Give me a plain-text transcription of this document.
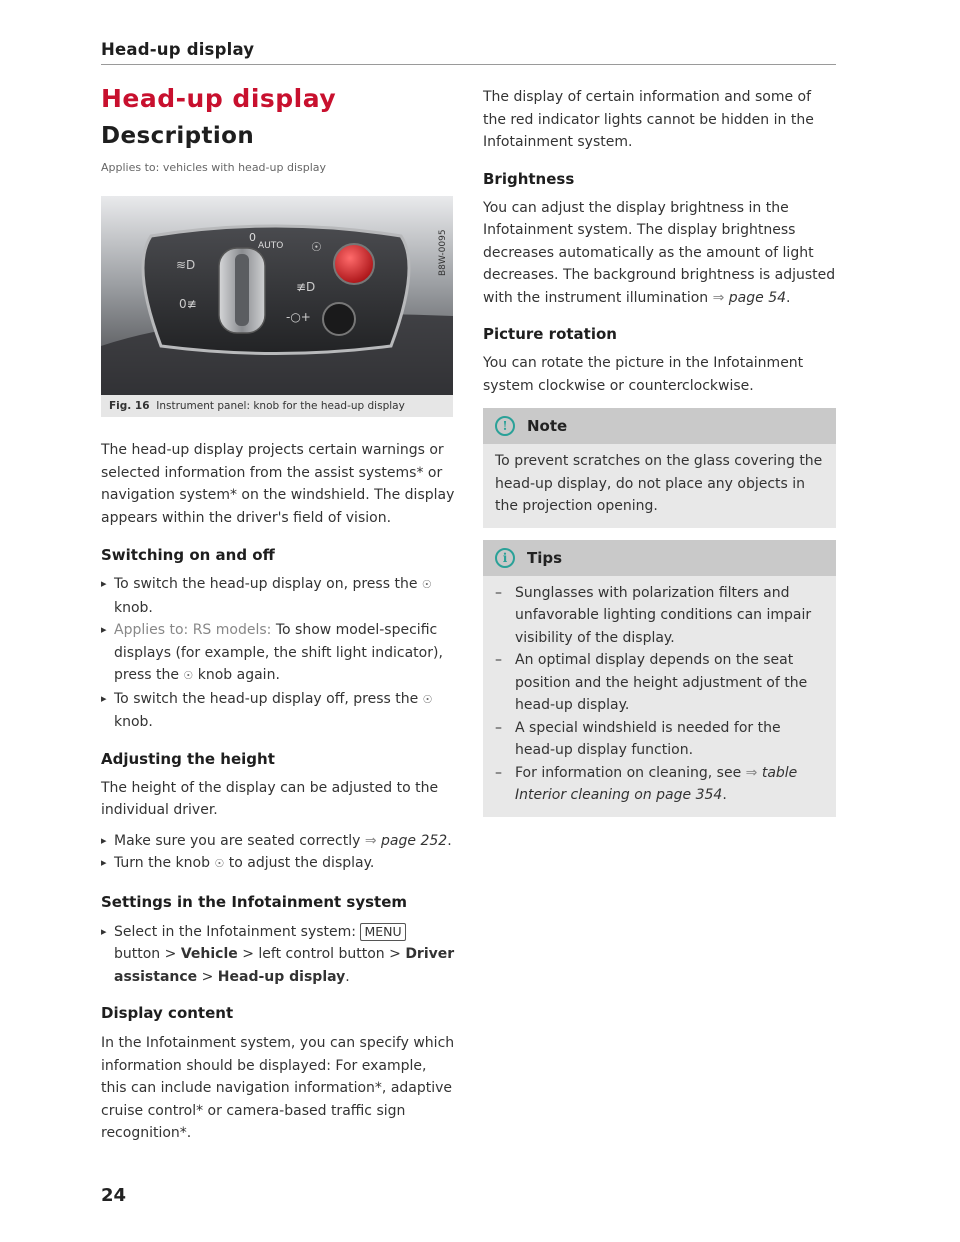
Head-up display
Head-up display
Description
Applies to: vehicles with head-up display
AUTO
0
≋D
0≢
≢D
-○+
☉	B8W-0095
Fig. 16 Instrument panel: knob for the head-up display
The head-up display projects certain warnings or selected information from the assist systems* or navigation system* on the windshield. The display appears within the driver's field of vision.
Switching on and off
▸ To switch the head-up display on, press the ☉ knob.
▸ Applies to: RS models: To show model-specific displays (for example, the shift light indicator), press the ☉ knob again.
▸ To switch the head-up display off, press the ☉ knob.
Adjusting the height
The height of the display can be adjusted to the individual driver.
▸ Make sure you are seated correctly ⇒ page 252.
▸ Turn the knob ☉ to adjust the display.
Settings in the Infotainment system
▸ Select in the Infotainment system: MENU button > Vehicle > left control button > Driver assistance > Head-up display.
Display content
In the Infotainment system, you can specify which information should be displayed: For example, this can include navigation information*, adaptive cruise control* or camera-based traffic sign recognition*.
The display of certain information and some of the red indicator lights cannot be hidden in the Infotainment system.
Brightness
You can adjust the display brightness in the Infotainment system. The display brightness decreases automatically as the amount of light decreases. The background brightness is adjusted with the instrument illumination ⇒ page 54.
Picture rotation
You can rotate the picture in the Infotainment system clockwise or counterclockwise.
!	Note
To prevent scratches on the glass covering the head-up display, do not place any objects in the projection opening.
i	Tips
– Sunglasses with polarization filters and unfavorable lighting conditions can impair visibility of the display.
– An optimal display depends on the seat position and the height adjustment of the head-up display.
– A special windshield is needed for the head-up display function.
– For information on cleaning, see ⇒ table Interior cleaning on page 354.
24
